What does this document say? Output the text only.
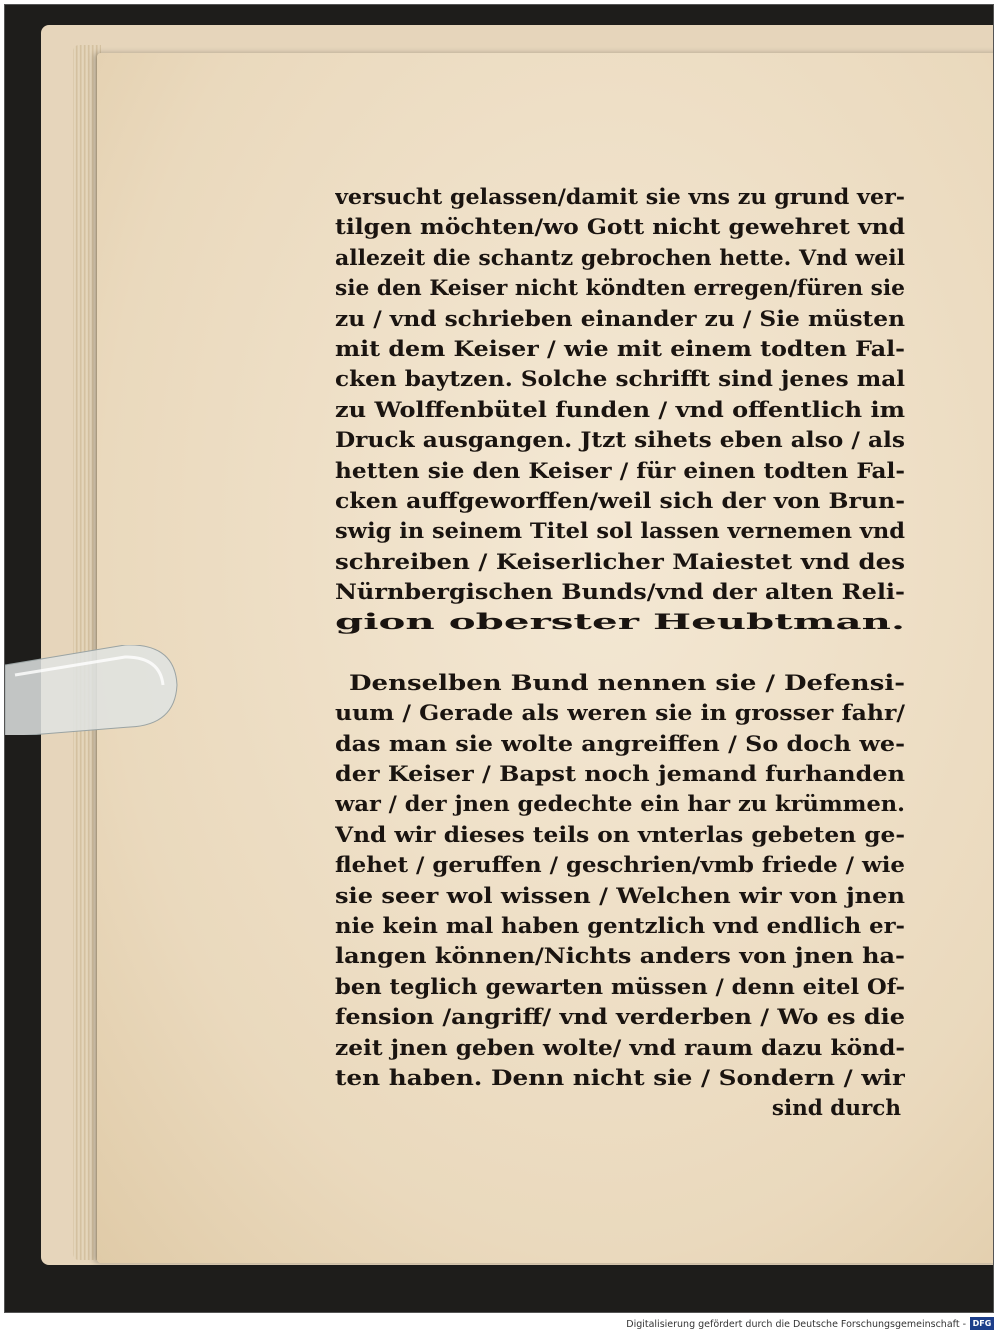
versucht gelassen/damit sie vns zu grund ver-
tilgen möchten/wo Gott nicht gewehret vnd
allezeit die schantz gebrochen hette. Vnd weil
sie den Keiser nicht köndten erregen/füren sie
zu / vnd schrieben einander zu / Sie müsten
mit dem Keiser / wie mit einem todten Fal-
cken baytzen. Solche schrifft sind jenes mal
zu Wolffenbütel funden / vnd offentlich im
Druck ausgangen. Jtzt sihets eben also / als
hetten sie den Keiser / für einen todten Fal-
cken auffgeworffen/weil sich der von Brun-
swig in seinem Titel sol lassen vernemen vnd
schreiben / Keiserlicher Maiestet vnd des
Nürnbergischen Bunds/vnd der alten Reli-
gion oberster Heubtman.
Denselben Bund nennen sie / Defensi-
uum / Gerade als weren sie in grosser fahr/
das man sie wolte angreiffen / So doch we-
der Keiser / Bapst noch jemand furhanden
war / der jnen gedechte ein har zu krümmen.
Vnd wir dieses teils on vnterlas gebeten ge-
flehet / geruffen / geschrien/vmb friede / wie
sie seer wol wissen / Welchen wir von jnen
nie kein mal haben gentzlich vnd endlich er-
langen können/Nichts anders von jnen ha-
ben teglich gewarten müssen / denn eitel Of-
fension /angriff/ vnd verderben / Wo es die
zeit jnen geben wolte/ vnd raum dazu könd-
ten haben. Denn nicht sie / Sondern / wir
sind durch
Digitalisierung gefördert durch die Deutsche Forschungsgemeinschaft - DFG
